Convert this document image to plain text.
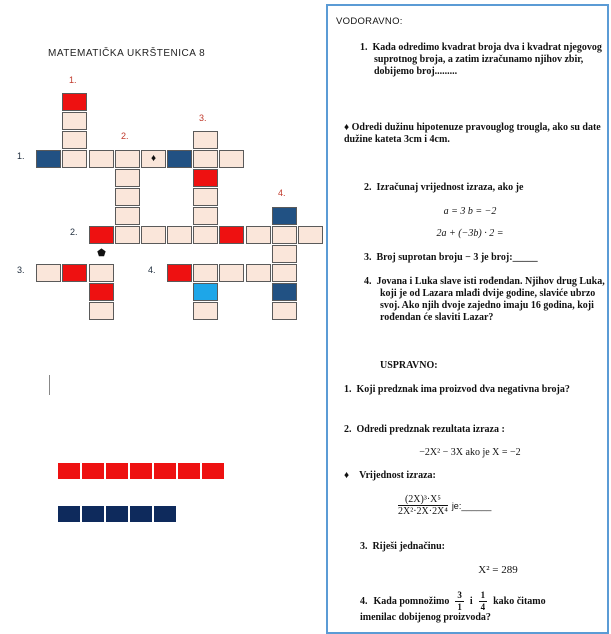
MATEMATIČKA UKRŠTENICA 8
1.
2.
3.
4.
1.
2.
3.	4.
♦
⬟
VODORAVNO:
1. Kada odredimo kvadrat broja dva i kvadrat njegovog suprotnog broja, a zatim izračunamo njihov zbir, dobijemo broj.........
♦ Odredi dužinu hipotenuze pravouglog trougla, ako su date dužine kateta 3cm i 4cm.
2. Izračunaj vrijednost izraza, ako je
a = 3 b = −2
2a + (−3b) · 2 =
3. Broj suprotan broju − 3 je broj:_____
4. Jovana i Luka slave isti rođendan. Njihov drug Luka, koji je od Lazara mlađi dvije godine, slaviće ubrzo svoj. Ako njih dvoje zajedno imaju 16 godina, koji rođendan će slaviti Lazar?
USPRAVNO:
1. Koji predznak ima proizvod dva negativna broja?
2. Odredi predznak rezultata izraza :
−2X² − 3X ako je X = −2
♦ Vrijednost izraza:
$\frac{\text{(2X)³·X⁵}}{\text{2X²·2X·2X⁴}}$ je:______
3. Riješi jednačinu:
X² = 289
4. Kada pomnožimo $\frac{3}{1}$ i $\frac{1}{4}$ kako čitamo
imenilac dobijenog proizvoda?
